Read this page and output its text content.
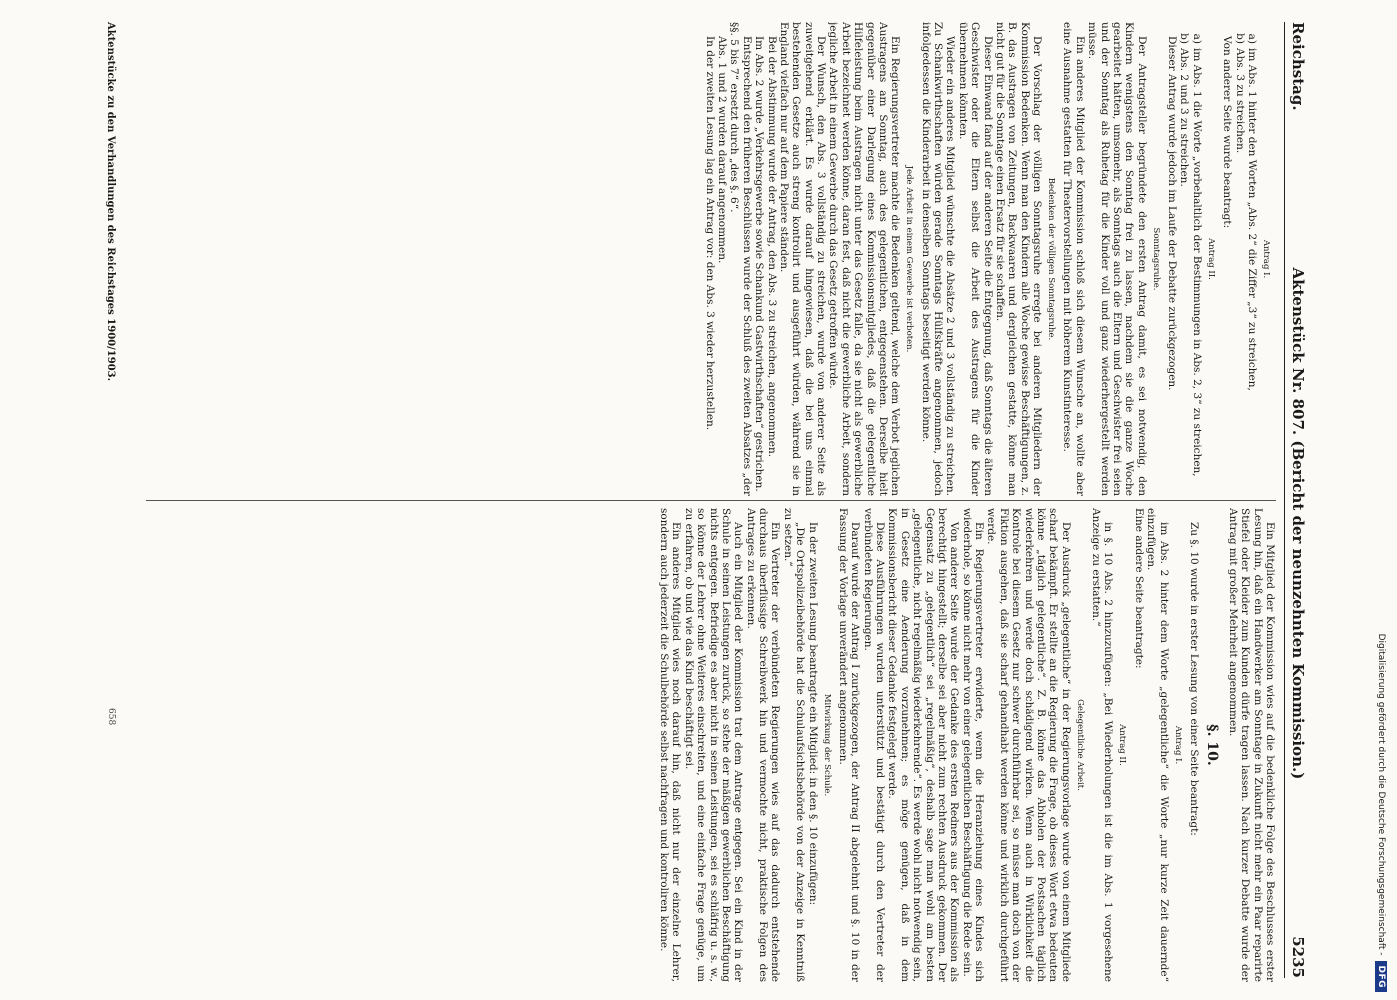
Digitalisierung gefördert durch die Deutsche Forschungsgemeinschaft -
DFG
Reichstag.
Aktenstück Nr. 807. (Bericht der neunzehnten Kommission.)
5235
Antrag I.
a)
im Abs. 1 hinter den Worten „Abs. 2“ die Ziffer „3“ zu streichen,
b)
Abs. 3 zu streichen.

Von anderer Seite wurde beantragt:

Antrag II.
a)
im Abs. 1 die Worte „vorbehaltlich der Bestimmungen in Abs. 2, 3“ zu streichen,
b)
Abs. 2 und 3 zu streichen.

Dieser Antrag wurde jedoch im Laufe der Debatte zurückgezogen.

Sonntagsruhe.

Der Antragsteller begründete den ersten Antrag damit, es sei notwendig, den Kindern wenigstens den Sonntag frei zu lassen, nachdem sie die ganze Woche gearbeitet hätten, umsomehr, als Sonntags auch die Eltern und Geschwister frei seien und der Sonntag als Ruhetag für die Kinder voll und ganz wiederhergestellt werden müsse.

Ein anderes Mitglied der Kommission schloß sich diesem Wunsche an, wollte aber eine Ausnahme gestatten für Theatervorstellungen mit höherem Kunstinteresse.

Bedenken der völligen Sonntagsruhe.

Der Vorschlag der völligen Sonntagsruhe erregte bei anderen Mitgliedern der Kommission Bedenken. Wenn man den Kindern alle Woche gewisse Beschäftigungen, z. B. das Austragen von Zeitungen, Backwaaren und dergleichen gestatte, könne man nicht gut für die Sonntage einen Ersatz für sie schaffen.

Dieser Einwand fand auf der anderen Seite die Entgegnung, daß Sonntags die älteren Geschwister oder die Eltern selbst die Arbeit des Austragens für die Kinder übernehmen könnten.

Wieder ein anderes Mitglied wünschte die Absätze 2 und 3 vollständig zu streichen. Zu Schankwirthschaften würden gerade Sonntags Hülfskräfte angenommen, jedoch infolgedessen die Kinderarbeit in denselben Sonntags beseitigt werden könne.

Jede Arbeit in einem Gewerbe ist verboten.

Ein Regierungsvertreter machte die Bedenken geltend, welche dem Verbot jeglichen Austragens am Sonntag, auch des gelegentlichen, entgegenstehen. Derselbe hielt gegenüber einer Darlegung eines Kommissionsmitgliedes, daß die gelegentliche Hilfeleistung beim Austragen nicht unter das Gesetz falle, da sie nicht als gewerbliche Arbeit bezeichnet werden könne, daran fest, daß nicht die gewerbliche Arbeit, sondern jegliche Arbeit in einem Gewerbe durch das Gesetz getroffen würde.

Der Wunsch, den Abs. 3 vollständig zu streichen, wurde von anderer Seite als zuweitgehend erklärt. Es wurde darauf hingewiesen, daß die bei uns einmal bestehenden Gesetze auch streng kontrolirt und ausgeführt würden, während sie in England vielfach nur auf dem Papiere ständen.

Bei der Abstimmung wurde der Antrag, den Abs. 3 zu streichen, angenommen.

Im Abs. 2 wurde „Verkehrsgewerbe sowie Schankund Gastwirthschaften“ gestrichen.

Entsprechend den früheren Beschlüssen wurde der Schluß des zweiten Absatzes „der §§. 5 bis 7“ ersetzt durch „des §. 6“.

Abs. 1 und 2 wurden darauf angenommen.

In der zweiten Lesung lag ein Antrag vor: den Abs. 3 wieder herzustellen.

Ein Mitglied der Kommission wies auf die bedenkliche Folge des Beschlusses erster Lesung hin, daß ein Handwerker am Sonntage in Zukunft nicht mehr ein Paar reparirte Stiefel oder Kleider zum Kunden dürfe tragen lassen. Nach kurzer Debatte wurde der Antrag mit großer Mehrheit angenommen.

§. 10.

Zu §. 10 wurde in erster Lesung von einer Seite beantragt:

Antrag I.

im Abs. 2 hinter dem Worte „gelegentliche“ die Worte „nur kurze Zeit dauernde“ einzufügen.

Eine andere Seite beantragte:

Antrag II.

in §. 10 Abs. 2 hinzuzufügen: „Bei Wiederholungen ist die im Abs. 1 vorgesehene Anzeige zu erstatten.“

Gelegentliche Arbeit.

Der Ausdruck „gelegentliche“ in der Regierungsvorlage wurde von einem Mitgliede scharf bekämpft. Er stellte an die Regierung die Frage, ob dieses Wort etwa bedeuten könne „täglich gelegentliche“. Z. B. könne das Abholen der Postsachen täglich wiederkehren und werde doch schädigend wirken. Wenn auch in Wirklichkeit die Kontrole bei diesem Gesetz nur schwer durchführbar sei, so müsse man doch von der Fiktion ausgehen, daß sie scharf gehandhabt werden könne und wirklich durchgeführt werde.

Ein Regierungsvertreter erwiderte, wenn die Heranziehung eines Kindes sich wiederhole, so könne nicht mehr von einer gelegentlichen Beschäftigung die Rede sein.

Von anderer Seite wurde der Gedanke des ersten Redners aus der Kommission als berechtigt hingestellt; derselbe sei aber nicht zum rechten Ausdruck gekommen. Der Gegensatz zu „gelegentlich“ sei „regelmäßig“, deshalb sage man wohl am besten „gelegentliche, nicht regelmäßig wiederkehrende“. Es werde wohl nicht notwendig sein, in Gesetz eine Aenderung vorzunehmen; es möge genügen, daß in dem Kommissionsbericht dieser Gedanke festgelegt werde.

Diese Ausführungen wurden unterstützt und bestätigt durch den Vertreter der verbündeten Regierungen.

Darauf wurde der Antrag I zurückgezogen, der Antrag II abgelehnt und §. 10 in der Fassung der Vorlage unverändert angenommen.

Mitwirkung der Schule.

In der zweiten Lesung beantragte ein Mitglied: in den §. 10 einzufügen:

„Die Ortspolizeibehörde hat die Schulaufsichtsbehörde von der Anzeige in Kenntniß zu setzen.“

Ein Vertreter der verbündeten Regierungen wies auf das dadurch entstehende durchaus überflüssige Schreibwerk hin und vermochte nicht, praktische Folgen des Antrages zu erkennen.

Auch ein Mitglied der Kommission trat dem Antrage entgegen. Sei ein Kind in der Schule in seinen Leistungen zurück, so stehe der mäßigen gewerblichen Beschäftigung nichts entgegen. Befriedige es aber nicht in seinen Leistungen, sei es schläfrig u. s. w., so könne der Lehrer ohne Weiteres einschreiten, und eine einfache Frage genüge, um zu erfahren, ob und wie das Kind beschäftigt sei.

Ein anderes Mitglied wies noch darauf hin, daß nicht nur der einzelne Lehrer, sondern auch jederzeit die Schulbehörde selbst nachfragen und kontroliren könne.

Aktenstücke zu den Verhandlungen des Reichstages 1900/1903.
658
